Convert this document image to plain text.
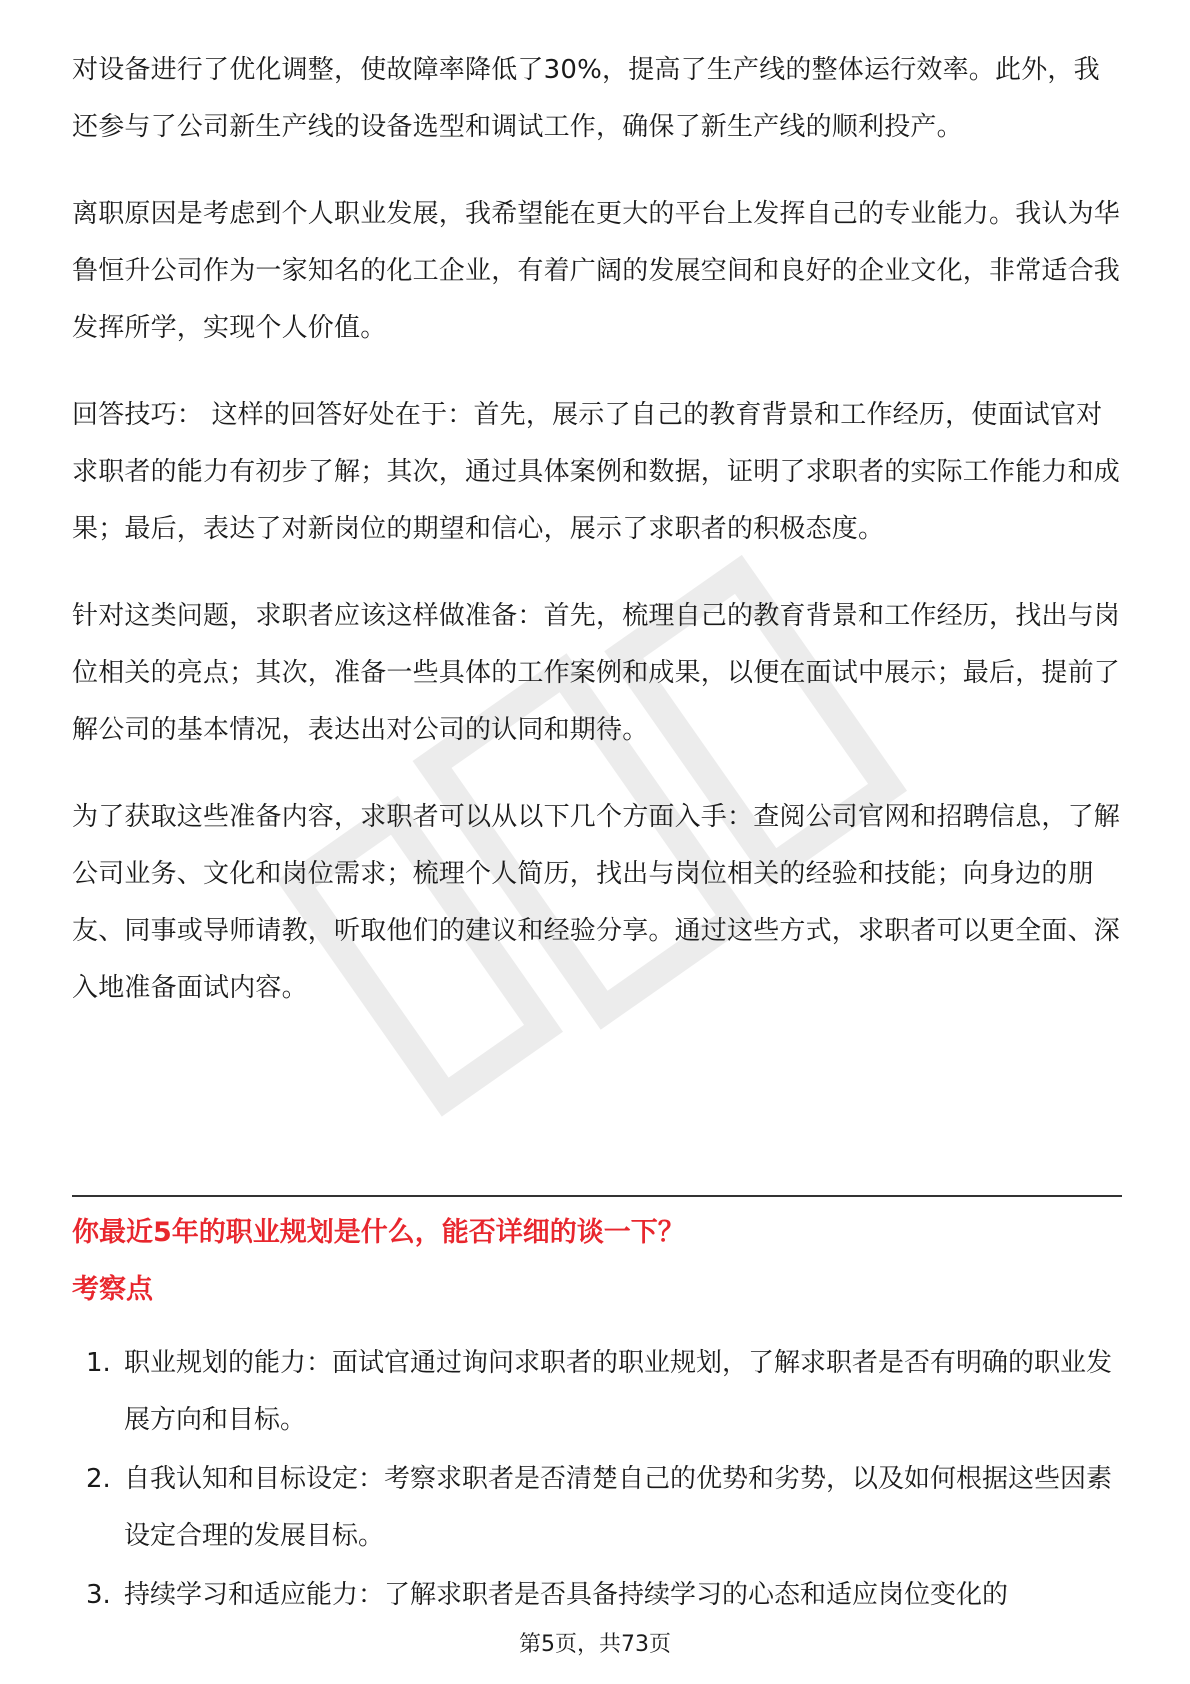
对设备进行了优化调整，使故障率降低了30%，提高了生产线的整体运行效率。此外，我还参与了公司新生产线的设备选型和调试工作，确保了新生产线的顺利投产。

离职原因是考虑到个人职业发展，我希望能在更大的平台上发挥自己的专业能力。我认为华鲁恒升公司作为一家知名的化工企业，有着广阔的发展空间和良好的企业文化，非常适合我发挥所学，实现个人价值。

回答技巧： 这样的回答好处在于：首先，展示了自己的教育背景和工作经历，使面试官对求职者的能力有初步了解；其次，通过具体案例和数据，证明了求职者的实际工作能力和成果；最后，表达了对新岗位的期望和信心，展示了求职者的积极态度。

针对这类问题，求职者应该这样做准备：首先，梳理自己的教育背景和工作经历，找出与岗位相关的亮点；其次，准备一些具体的工作案例和成果，以便在面试中展示；最后，提前了解公司的基本情况，表达出对公司的认同和期待。

为了获取这些准备内容，求职者可以从以下几个方面入手：查阅公司官网和招聘信息，了解公司业务、文化和岗位需求；梳理个人简历，找出与岗位相关的经验和技能；向身边的朋友、同事或导师请教，听取他们的建议和经验分享。通过这些方式，求职者可以更全面、深入地准备面试内容。

你最近5年的职业规划是什么，能否详细的谈一下？
考察点
1. 职业规划的能力：面试官通过询问求职者的职业规划，了解求职者是否有明确的职业发展方向和目标。
2. 自我认知和目标设定：考察求职者是否清楚自己的优势和劣势，以及如何根据这些因素设定合理的发展目标。
3. 持续学习和适应能力：了解求职者是否具备持续学习的心态和适应岗位变化的
第5页，共73页
